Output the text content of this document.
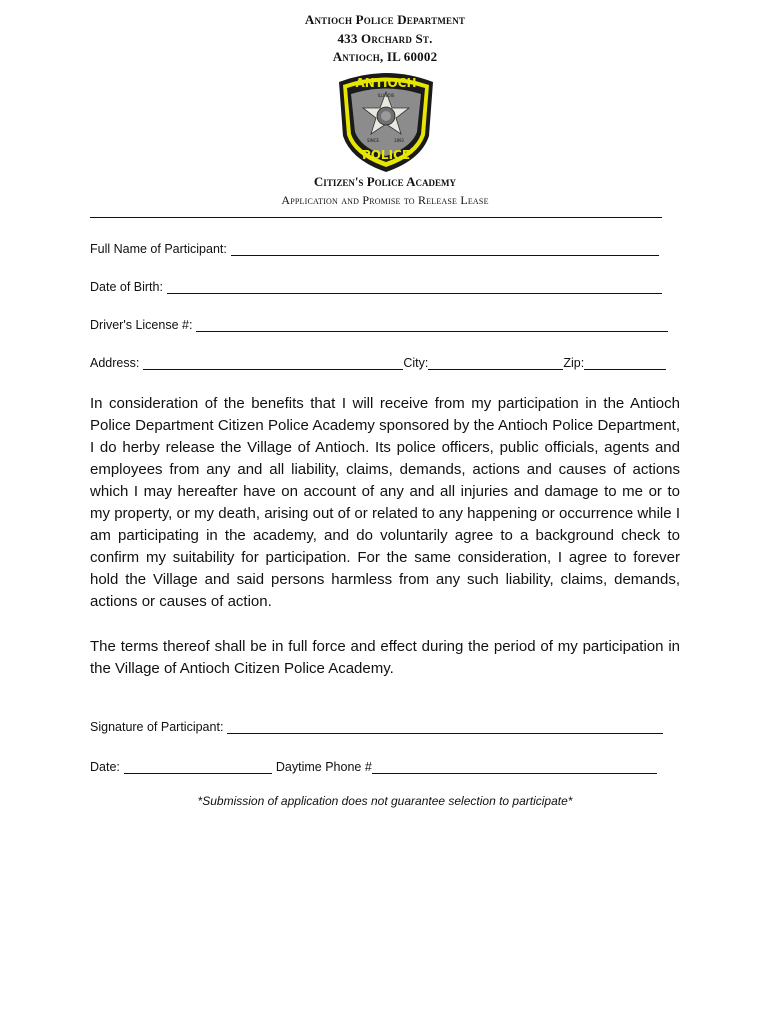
Antioch Police Department
433 Orchard St.
Antioch, IL 60002
ANTIOCH
ILLINOIS
SINCE	1892
POLICE
Citizen's Police Academy
Application and Promise to Release Lease
Full Name of Participant:
Date of Birth:
Driver's License #:
Address:	City:	Zip:
In consideration of the benefits that I will receive from my participation in the Antioch Police Department Citizen Police Academy sponsored by the Antioch Police Department, I do herby release the Village of Antioch. Its police officers, public officials, agents and employees from any and all liability, claims, demands, actions and causes of actions which I may hereafter have on account of any and all injuries and damage to me or to my property, or my death, arising out of or related to any happening or occurrence while I am participating in the academy, and do voluntarily agree to a background check to confirm my suitability for participation. For the same consideration, I agree to forever hold the Village and said persons harmless from any such liability, claims, demands, actions or causes of action.
The terms thereof shall be in full force and effect during the period of my participation in the Village of Antioch Citizen Police Academy.
Signature of Participant:
Date:	Daytime Phone #
*Submission of application does not guarantee selection to participate*
